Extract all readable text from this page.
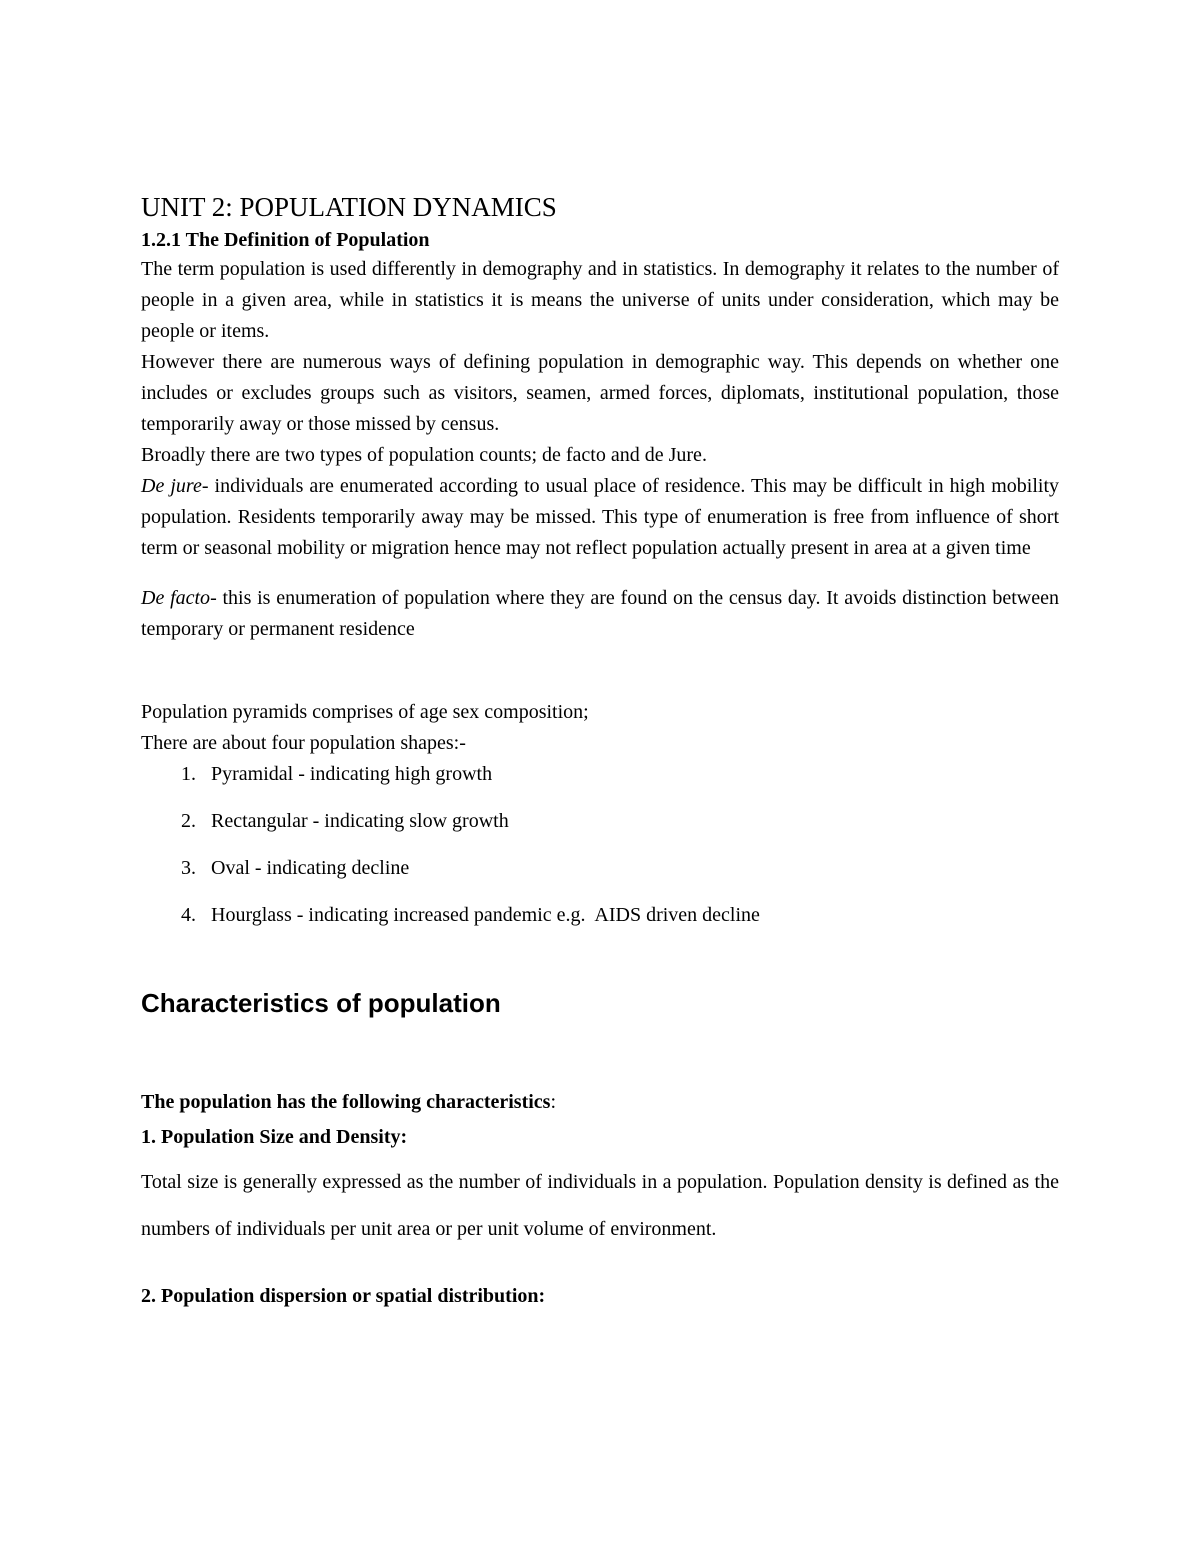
UNIT 2: POPULATION DYNAMICS

1.2.1 The Definition of Population

The term population is used differently in demography and in statistics. In demography it relates to the number of people in a given area, while in statistics it is means the universe of units under consideration, which may be people or items.

However there are numerous ways of defining population in demographic way. This depends on whether one includes or excludes groups such as visitors, seamen, armed forces, diplomats, institutional population, those temporarily away or those missed by census.

Broadly there are two types of population counts; de facto and de Jure.

De jure- individuals are enumerated according to usual place of residence. This may be difficult in high mobility population. Residents temporarily away may be missed. This type of enumeration is free from influence of short term or seasonal mobility or migration hence may not reflect population actually present in area at a given time

De facto- this is enumeration of population where they are found on the census day. It avoids distinction between temporary or permanent residence

Population pyramids comprises of age sex composition;

There are about four population shapes:-

1. Pyramidal - indicating high growth
2. Rectangular - indicating slow growth
3. Oval - indicating decline
4. Hourglass - indicating increased pandemic e.g.  AIDS driven decline
Characteristics of population

The population has the following characteristics:

1. Population Size and Density:

Total size is generally expressed as the number of individuals in a population. Population density is defined as the numbers of individuals per unit area or per unit volume of environment.

2. Population dispersion or spatial distribution:
